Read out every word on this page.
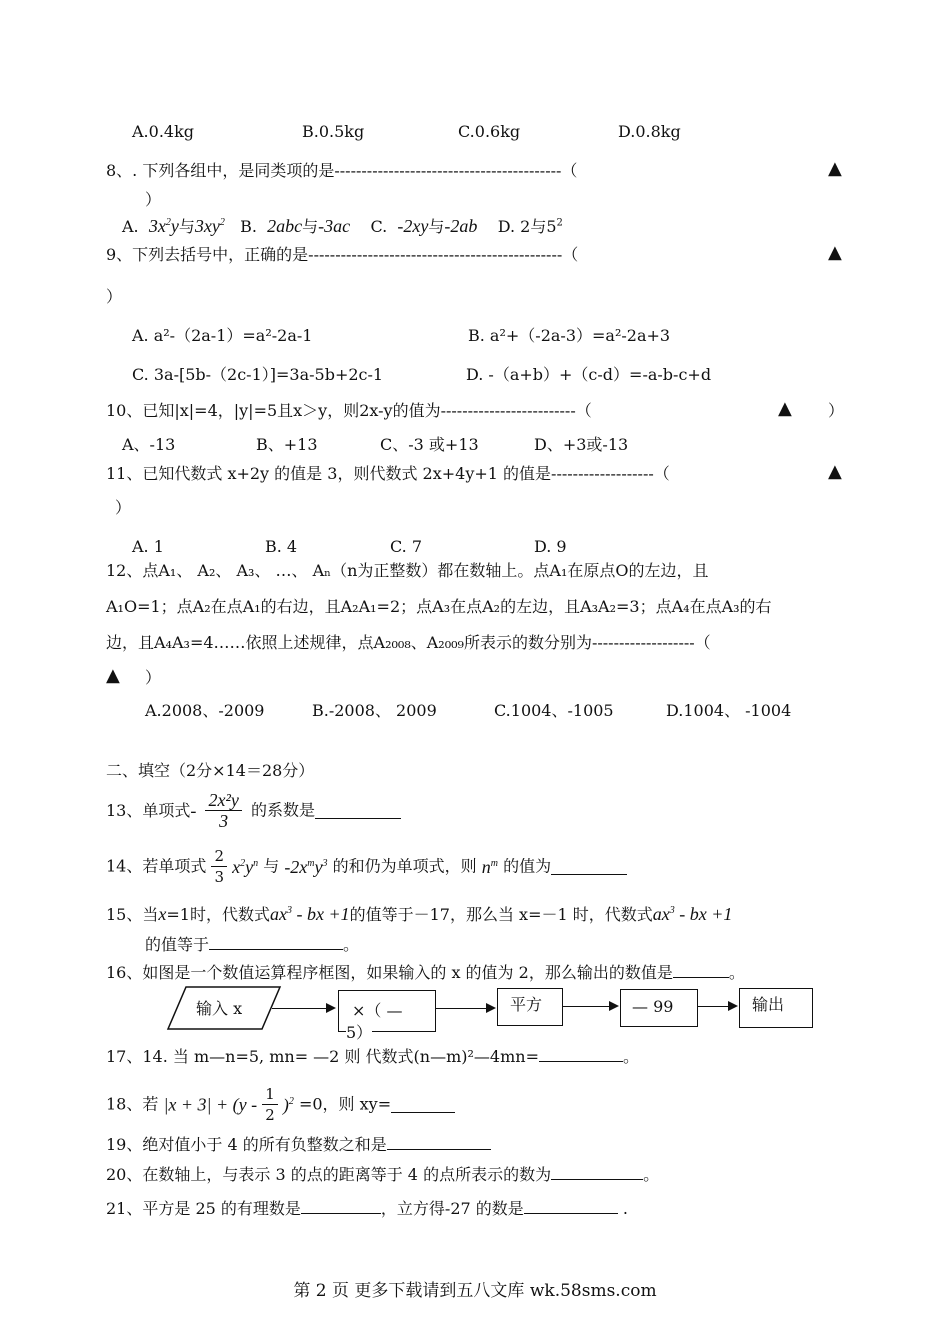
A.0.4kg	B.0.5kg	C.0.6kg	D.0.8kg
8、. 下列各组中，是同类项的是------------------------------------------（	▲
）
A. $3x^2y$与$3xy^2$ B. 2abc与-3ac C. -2xy与-2ab D. 2与$5^2$
9、下列去括号中，正确的是-----------------------------------------------（	▲
）
A. a²-（2a-1）=a²-2a-1	B. a²+（-2a-3）=a²-2a+3
C. 3a-[5b-（2c-1）]=3a-5b+2c-1	D. -（a+b）+（c-d）=-a-b-c+d
10、已知|x|=4，|y|=5且x＞y，则2x-y的值为-------------------------（	▲ ）
A、-13	B、+13	C、-3 或+13	D、+3或-13
11、已知代数式 x+2y 的值是 3，则代数式 2x+4y+1 的值是-------------------（	▲
）
A. 1	B. 4	C. 7	D. 9
12、点A₁、 A₂、 A₃、 …、 Aₙ（n为正整数）都在数轴上。点A₁在原点O的左边，且
A₁O=1；点A₂在点A₁的右边，且A₂A₁=2；点A₃在点A₂的左边，且A₃A₂=3；点A₄在点A₃的右
边，且A₄A₃=4……依照上述规律，点A₂₀₀₈、A₂₀₀₉所表示的数分别为-------------------（
▲ ）
A.2008、-2009	B.-2008、 2009	C.1004、-1005	D.1004、 -1004
二、填空（2分×14＝28分）
13、单项式- $\frac{\text{2x²y}}{3}$ 的系数是
14、若单项式 $\frac{2}{3} x^2y^n$ 与 $-2x^my^3$ 的和仍为单项式，则 $n^m$ 的值为
15、当x=1时，代数式$ax^3$ - bx +1的值等于－17，那么当 x=－1 时，代数式$ax^3$ - bx +1
的值等于	。
16、如图是一个数值运算程序框图，如果输入的 x 的值为 2，那么输出的数值是	。
输入 x	×（ —
5）
平方	— 99	输出
17、14. 当 m—n=5, mn= —2 则 代数式(n—m)²—4mn=	。
18、若 $|x + 3| + (y - \frac{1}{2} )^2 =0$，则 xy=
19、绝对值小于 4 的所有负整数之和是
20、在数轴上，与表示 3 的点的距离等于 4 的点所表示的数为	。
21、平方是 25 的有理数是	，立方得-27 的数是	.
第 2 页 更多下载请到五八文库 wk.58sms.com
